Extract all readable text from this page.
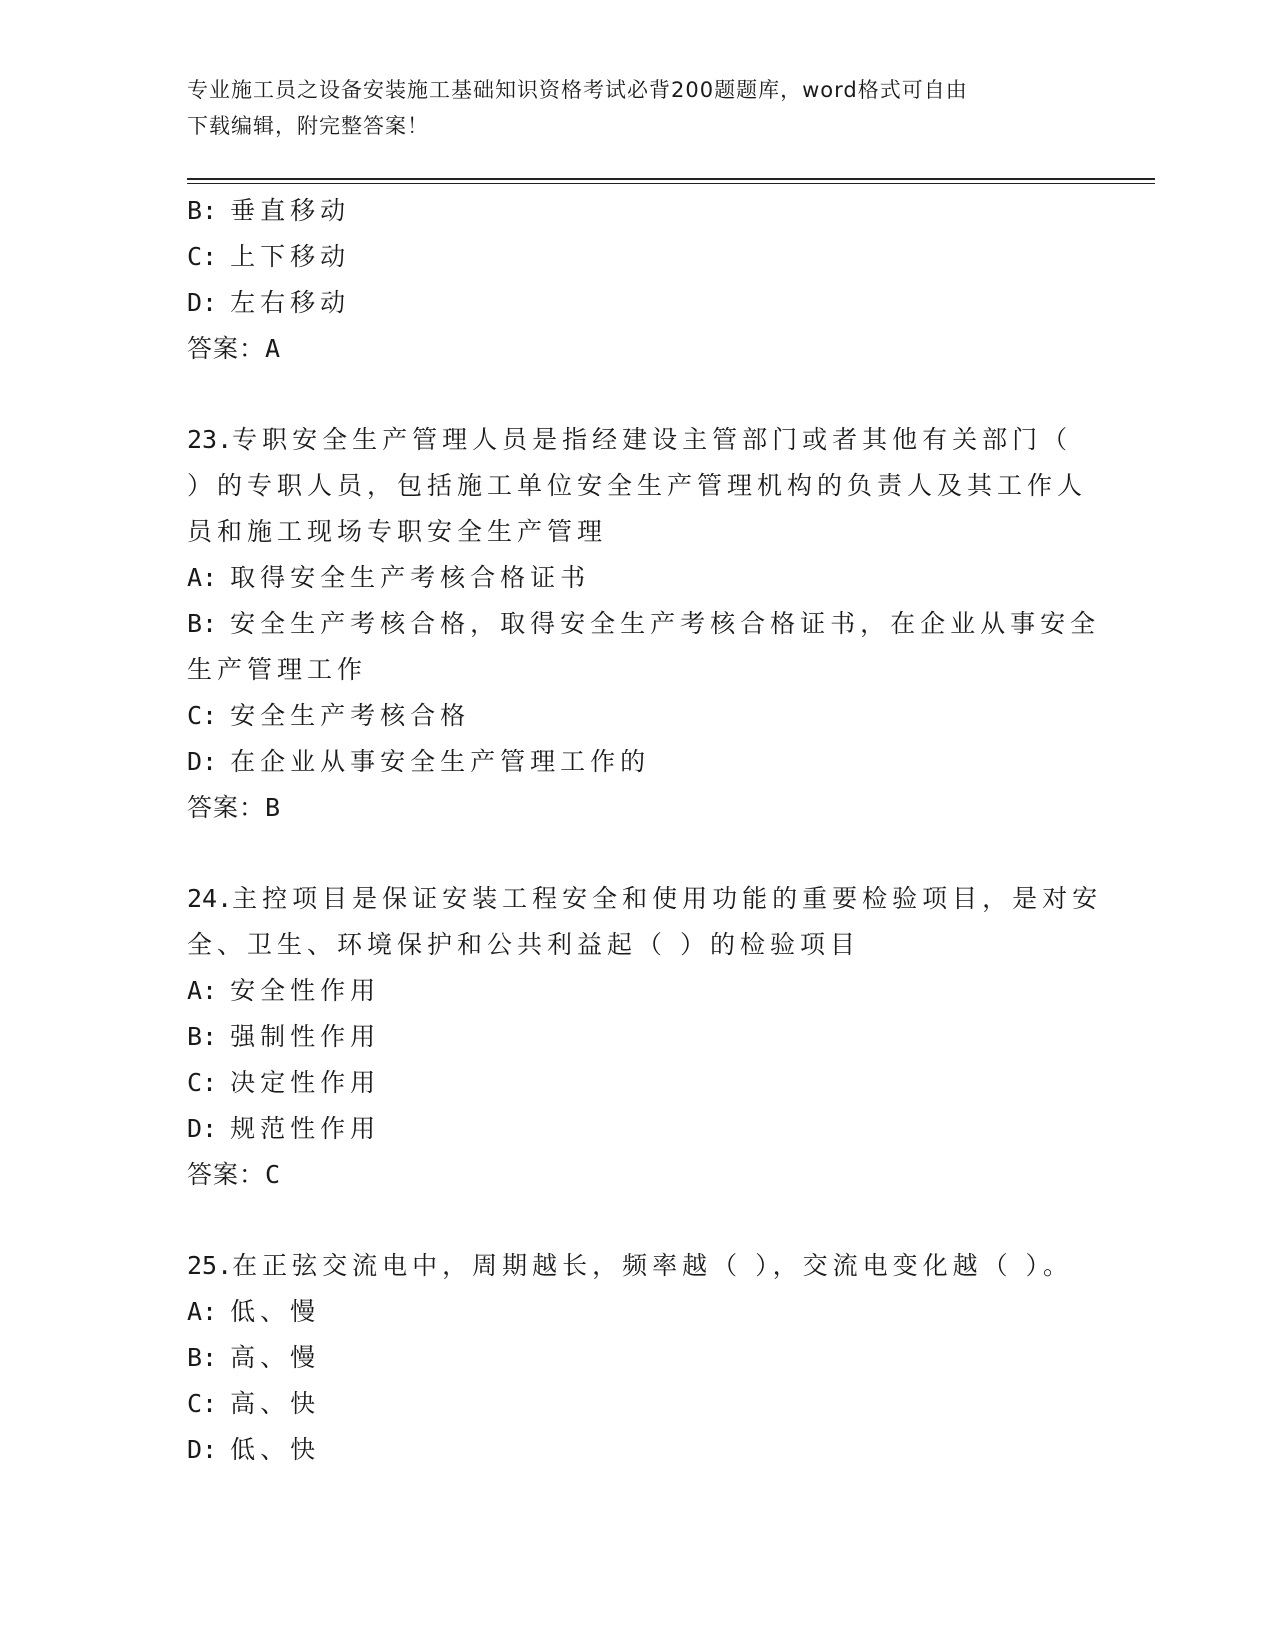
专业施工员之设备安装施工基础知识资格考试必背200题题库，word格式可自由
下载编辑，附完整答案！
B: 垂直移动
C: 上下移动
D: 左右移动
答案：A
23.专职安全生产管理人员是指经建设主管部门或者其他有关部门（
）的专职人员，包括施工单位安全生产管理机构的负责人及其工作人
员和施工现场专职安全生产管理
A: 取得安全生产考核合格证书
B: 安全生产考核合格，取得安全生产考核合格证书，在企业从事安全
生产管理工作
C: 安全生产考核合格
D: 在企业从事安全生产管理工作的
答案：B
24.主控项目是保证安装工程安全和使用功能的重要检验项目，是对安
全、卫生、环境保护和公共利益起（ ）的检验项目
A: 安全性作用
B: 强制性作用
C: 决定性作用
D: 规范性作用
答案：C
25.在正弦交流电中，周期越长，频率越（ ），交流电变化越（ ）。
A: 低、慢
B: 高、慢
C: 高、快
D: 低、快
